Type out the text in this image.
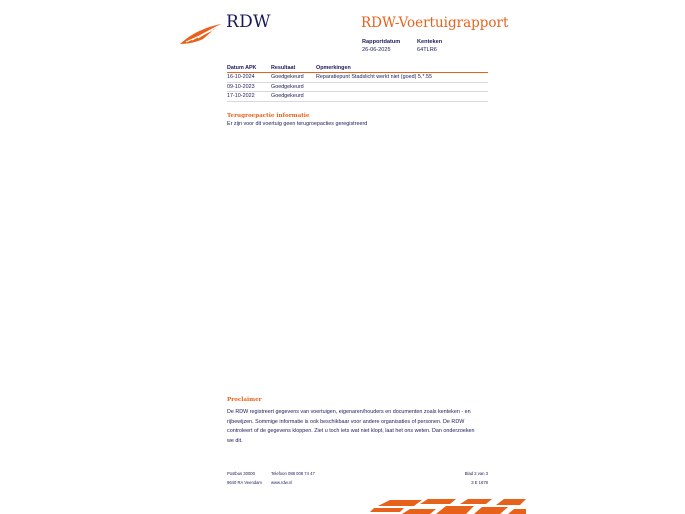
RDW	RDW-Voertuigrapport
Rapportdatum
26-06-2025
Kenteken
64TLR6
Datum APK	Resultaat	Opmerkingen
16-10-2024	Goedgekeurd	Reparatiepunt Stadslicht werkt niet (goed) 5.*.55
09-10-2023	Goedgekeurd	
17-10-2022	Goedgekeurd	
Terugroepactie informatie
Er zijn voor dit voertuig geen terugroepacties geregistreerd
Proclaimer
De RDW registreert gegevens van voertuigen, eigenaren/houders en documenten zoals kenteken - en
rijbewijzen. Sommige informatie is ook beschikbaar voor andere organisaties of personen. De RDW
controleert of de gegevens kloppen. Ziet u toch iets wat niet klopt, laat het ons weten. Dan onderzoeken
we dit.
Postbus 30000
9640 RA Veendam
Telefoon 088 008 74 47
www.rdw.nl
Blad 2 van 3
3 E 1678
